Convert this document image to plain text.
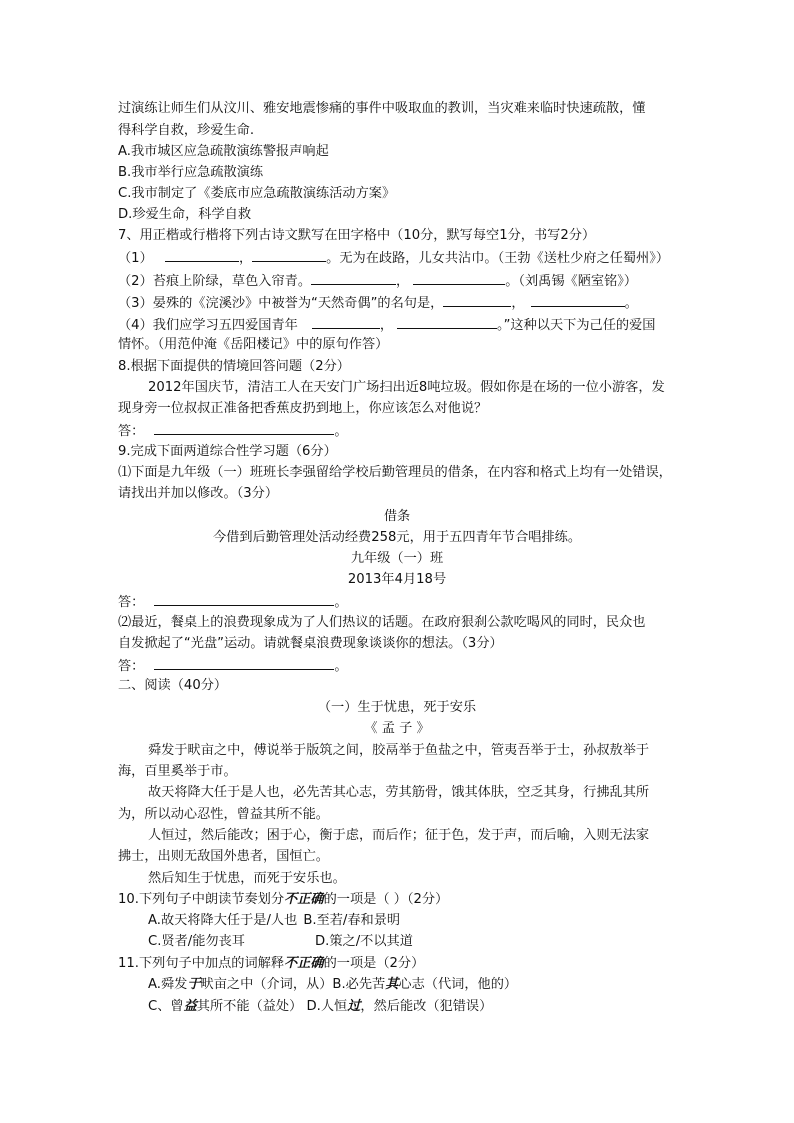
过演练让师生们从汶川、雅安地震惨痛的事件中吸取血的教训，当灾难来临时快速疏散，懂
得科学自救，珍爱生命.
A.我市城区应急疏散演练警报声响起
B.我市举行应急疏散演练
C.我市制定了《娄底市应急疏散演练活动方案》
D.珍爱生命，科学自救
7、用正楷或行楷将下列古诗文默写在田字格中（10分，默写每空1分，书写2分）
（1）	，	。无为在歧路，儿女共沾巾。（王勃《送杜少府之任蜀州》）
（2）苔痕上阶绿，草色入帘青。	，	。（刘禹锡《陋室铭》）
（3）晏殊的《浣溪沙》中被誉为“天然奇偶”的名句是，	，	。
（4）我们应学习五四爱国青年	，	。”这种以天下为己任的爱国
情怀。（用范仲淹《岳阳楼记》中的原句作答）
8.根据下面提供的情境回答问题（2分）
2012年国庆节，清洁工人在天安门广场扫出近8吨垃圾。假如你是在场的一位小游客，发
现身旁一位叔叔正准备把香蕉皮扔到地上，你应该怎么对他说？
答：	。
9.完成下面两道综合性学习题（6分）
⑴下面是九年级（一）班班长李强留给学校后勤管理员的借条，在内容和格式上均有一处错误，
请找出并加以修改。（3分）
借条
今借到后勤管理处活动经费258元，用于五四青年节合唱排练。
九年级（一）班
2013年4月18号
答：	。
⑵最近，餐桌上的浪费现象成为了人们热议的话题。在政府狠刹公款吃喝风的同时，民众也
自发掀起了“光盘”运动。请就餐桌浪费现象谈谈你的想法。（3分）
答：	。
二、阅读（40分）
（一）生于忧患，死于安乐
《 孟 子 》
舜发于畎亩之中，傅说举于版筑之间，胶鬲举于鱼盐之中，管夷吾举于士，孙叔敖举于
海，百里奚举于市。
故天将降大任于是人也，必先苦其心志，劳其筋骨，饿其体肤，空乏其身，行拂乱其所
为，所以动心忍性，曾益其所不能。
人恒过，然后能改；困于心，衡于虑，而后作；征于色，发于声，而后喻，入则无法家
拂士，出则无敌国外患者，国恒亡。
然后知生于忧患，而死于安乐也。
10.下列句子中朗读节奏划分不正确的一项是（ ）（2分）
A.故天将降大任于是/人也 B.至若/春和景明
C.贤者/能勿丧耳	D.策之/不以其道
11.下列句子中加点的词解释不正确的一项是（2分）
A.舜发于畎亩之中（介词，从）B.必先苦其心志（代词，他的）
C、曾益其所不能（益处） D.人恒过，然后能改（犯错误）
